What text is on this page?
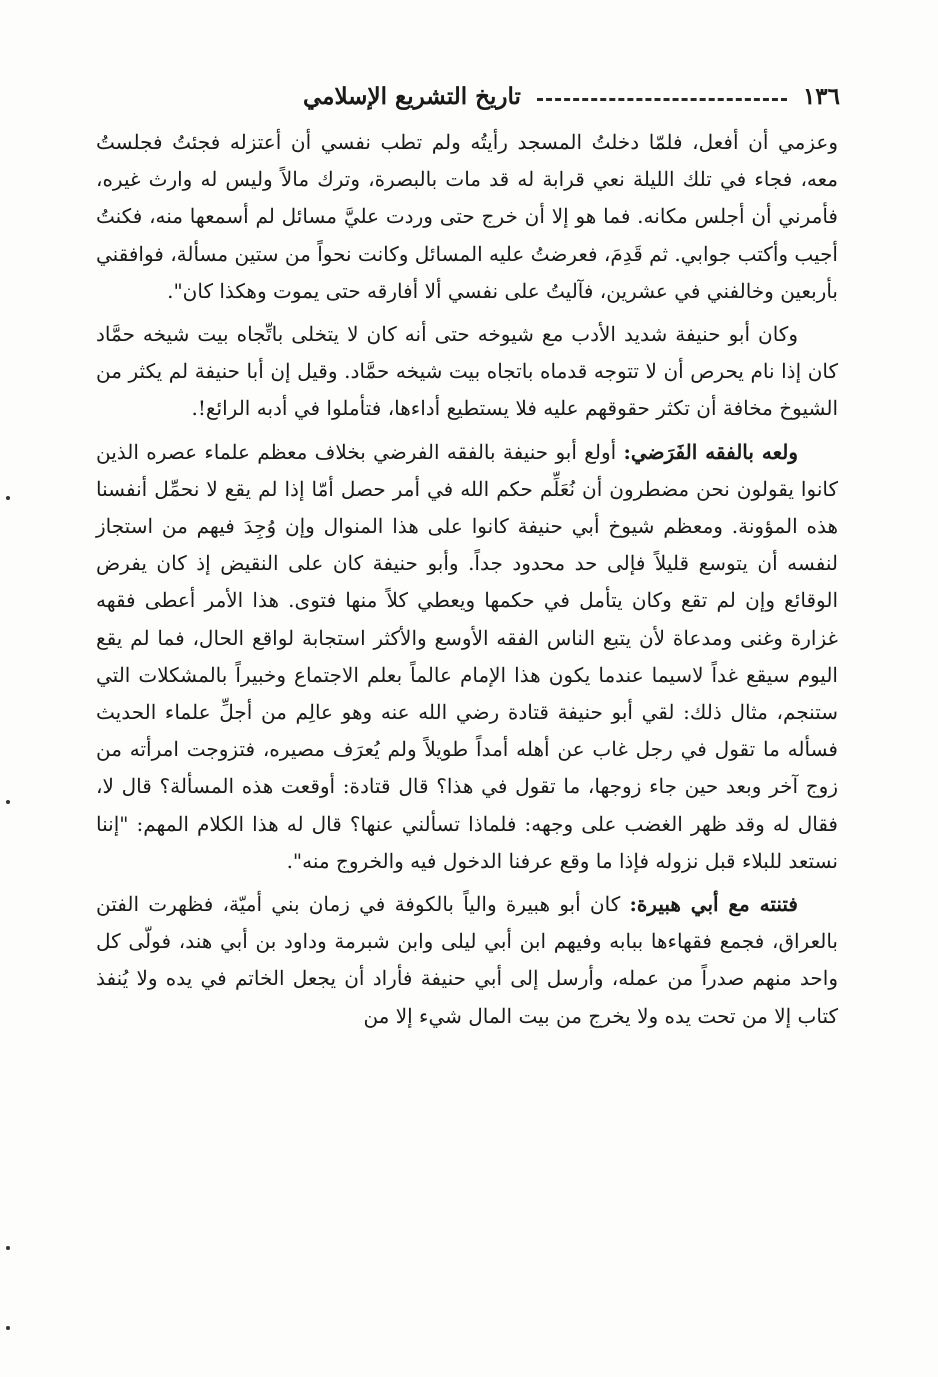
١٣٦
تاريخ التشريع الإسلامي

وعزمي أن أفعل، فلمّا دخلتُ المسجد رأيتُه ولم تطب نفسي أن أعتزله فجئتُ فجلستُ معه، فجاء في تلك الليلة نعي قرابة له قد مات بالبصرة، وترك مالاً وليس له وارث غيره، فأمرني أن أجلس مكانه. فما هو إلا أن خرج حتى وردت عليَّ مسائل لم أسمعها منه، فكنتُ أجيب وأكتب جوابي. ثم قَدِمَ، فعرضتُ عليه المسائل وكانت نحواً من ستين مسألة، فوافقني بأربعين وخالفني في عشرين، فآليتُ على نفسي ألا أفارقه حتى يموت وهكذا كان".

وكان أبو حنيفة شديد الأدب مع شيوخه حتى أنه كان لا يتخلى باتِّجاه بيت شيخه حمَّاد كان إذا نام يحرص أن لا تتوجه قدماه باتجاه بيت شيخه حمَّاد. وقيل إن أبا حنيفة لم يكثر من الشيوخ مخافة أن تكثر حقوقهم عليه فلا يستطيع أداءها، فتأملوا في أدبه الرائع!.

ولعه بالفقه الفَرَضي: أولع أبو حنيفة بالفقه الفرضي بخلاف معظم علماء عصره الذين كانوا يقولون نحن مضطرون أن نُعَلِّم حكم الله في أمر حصل أمّا إذا لم يقع لا نحمِّل أنفسنا هذه المؤونة. ومعظم شيوخ أبي حنيفة كانوا على هذا المنوال وإن وُجِدَ فيهم من استجاز لنفسه أن يتوسع قليلاً فإلى حد محدود جداً. وأبو حنيفة كان على النقيض إذ كان يفرض الوقائع وإن لم تقع وكان يتأمل في حكمها ويعطي كلاً منها فتوى. هذا الأمر أعطى فقهه غزارة وغنى ومدعاة لأن يتبع الناس الفقه الأوسع والأكثر استجابة لواقع الحال، فما لم يقع اليوم سيقع غداً لاسيما عندما يكون هذا الإمام عالماً بعلم الاجتماع وخبيراً بالمشكلات التي ستنجم، مثال ذلك: لقي أبو حنيفة قتادة رضي الله عنه وهو عالِم من أجلِّ علماء الحديث فسأله ما تقول في رجل غاب عن أهله أمداً طويلاً ولم يُعرَف مصيره، فتزوجت امرأته من زوج آخر وبعد حين جاء زوجها، ما تقول في هذا؟ قال قتادة: أوقعت هذه المسألة؟ قال لا، فقال له وقد ظهر الغضب على وجهه: فلماذا تسألني عنها؟ قال له هذا الكلام المهم: "إننا نستعد للبلاء قبل نزوله فإذا ما وقع عرفنا الدخول فيه والخروج منه".

فتنته مع أبي هبيرة: كان أبو هبيرة والياً بالكوفة في زمان بني أميّة، فظهرت الفتن بالعراق، فجمع فقهاءها ببابه وفيهم ابن أبي ليلى وابن شبرمة وداود بن أبي هند، فولّى كل واحد منهم صدراً من عمله، وأرسل إلى أبي حنيفة فأراد أن يجعل الخاتم في يده ولا يُنفذ كتاب إلا من تحت يده ولا يخرج من بيت المال شيء إلا من
